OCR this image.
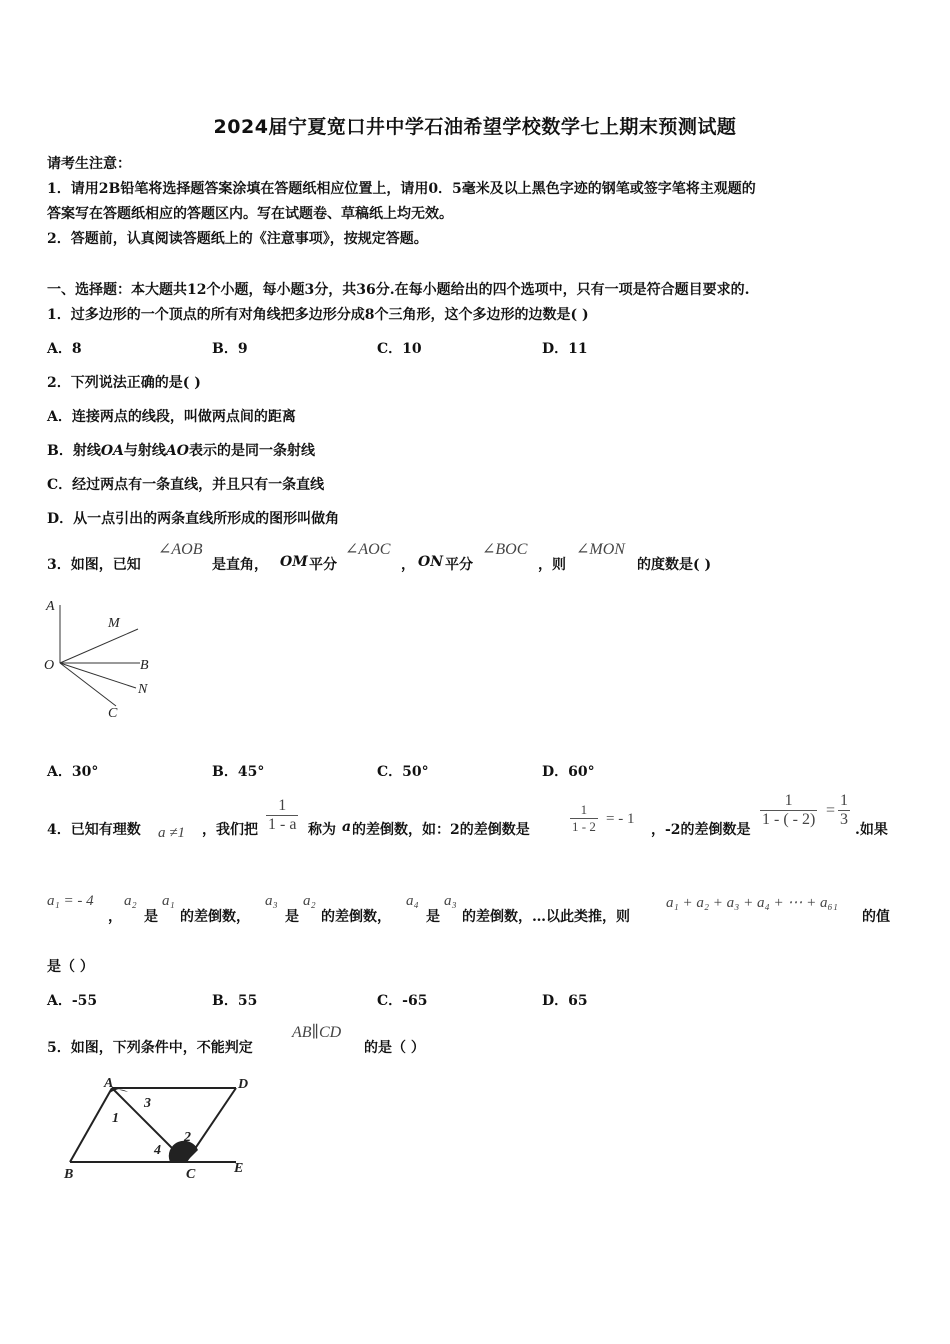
2024届宁夏宽口井中学石油希望学校数学七上期末预测试题
请考生注意：
1．请用2B铅笔将选择题答案涂填在答题纸相应位置上，请用0．5毫米及以上黑色字迹的钢笔或签字笔将主观题的
答案写在答题纸相应的答题区内。写在试题卷、草稿纸上均无效。
2．答题前，认真阅读答题纸上的《注意事项》，按规定答题。
一、选择题：本大题共12个小题，每小题3分，共36分.在每小题给出的四个选项中，只有一项是符合题目要求的.
1．过多边形的一个顶点的所有对角线把多边形分成8个三角形，这个多边形的边数是( )
A．8	B．9	C．10	D．11
2．下列说法正确的是( )
A．连接两点的线段，叫做两点间的距离
B．射线OA与射线AO表示的是同一条射线
C．经过两点有一条直线，并且只有一条直线
D．从一点引出的两条直线所形成的图形叫做角
3．如图，已知
∠AOB
是直角， OM 平分
∠AOC
， ON 平分
∠BOC
，则
∠MON
的度数是( )
A
M
O	B
N
C
A．30°	B．45°	C．50°	D．60°
4．已知有理数 a ≠1 ，我们把 $\frac{1}{1 - a}$ 称为 a 的差倒数，如：2的差倒数是	$\frac{1}{1 - 2}$ = - 1
，-2的差倒数是
$\frac{1}{1 - ( - 2)} = \frac{1}{3}$
.如果
a₁ = - 4
，
a₂
是
a₁
的差倒数，
a₃
是
a₂
的差倒数，
a₄
是
a₃
的差倒数，…以此类推，则
a₁ + a₂ + a₃ + a₄ + ⋯ + a₆₁
的值
是（ ）
A．-55	B．55	C．-65	D．65
5．如图，下列条件中，不能判定
AB∥CD
的是（ ）
A	D
B	C	E
1
2
3
4
